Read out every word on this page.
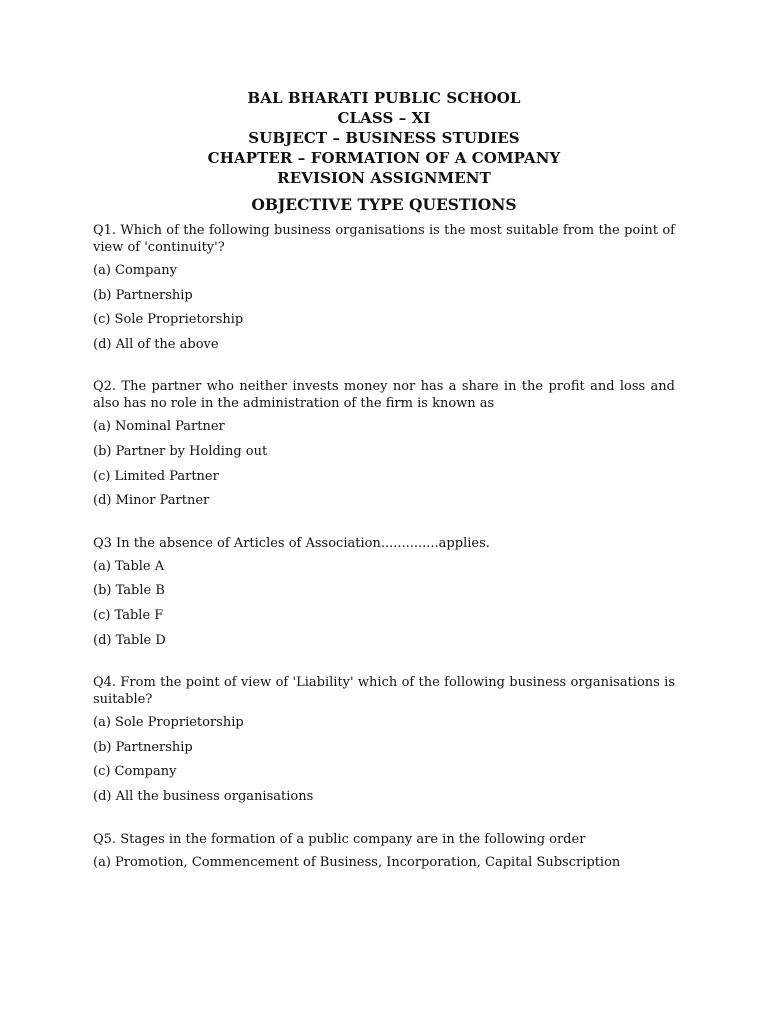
BAL BHARATI PUBLIC SCHOOL
CLASS – XI
SUBJECT – BUSINESS STUDIES
CHAPTER – FORMATION OF A COMPANY
REVISION ASSIGNMENT
OBJECTIVE TYPE QUESTIONS
Q1. Which of the following business organisations is the most suitable from the point of view of 'continuity'?
(a) Company
(b) Partnership
(c) Sole Proprietorship
(d) All of the above
Q2. The partner who neither invests money nor has a share in the profit and loss and also has no role in the administration of the firm is known as
(a) Nominal Partner
(b) Partner by Holding out
(c) Limited Partner
(d) Minor Partner
Q3 In the absence of Articles of Association..............applies.
(a) Table A
(b) Table B
(c) Table F
(d) Table D
Q4. From the point of view of 'Liability' which of the following business organisations is suitable?
(a) Sole Proprietorship
(b) Partnership
(c) Company
(d) All the business organisations
Q5. Stages in the formation of a public company are in the following order
(a) Promotion, Commencement of Business, Incorporation, Capital Subscription
